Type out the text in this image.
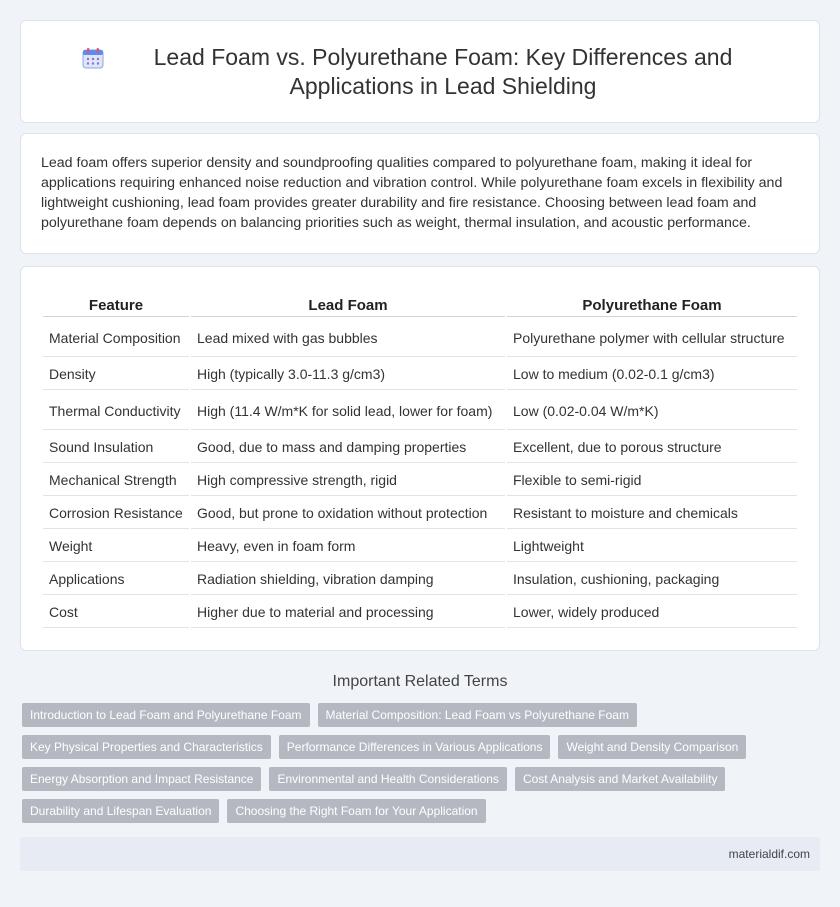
Lead Foam vs. Polyurethane Foam: Key Differences and Applications in Lead Shielding

Lead foam offers superior density and soundproofing qualities compared to polyurethane foam, making it ideal for applications requiring enhanced noise reduction and vibration control. While polyurethane foam excels in flexibility and lightweight cushioning, lead foam provides greater durability and fire resistance. Choosing between lead foam and polyurethane foam depends on balancing priorities such as weight, thermal insulation, and acoustic performance.

Feature	Lead Foam	Polyurethane Foam
Material Composition	Lead mixed with gas bubbles	Polyurethane polymer with cellular structure
Density	High (typically 3.0-11.3 g/cm3)	Low to medium (0.02-0.1 g/cm3)
Thermal Conductivity	High (11.4 W/m*K for solid lead, lower for foam)	Low (0.02-0.04 W/m*K)
Sound Insulation	Good, due to mass and damping properties	Excellent, due to porous structure
Mechanical Strength	High compressive strength, rigid	Flexible to semi-rigid
Corrosion Resistance	Good, but prone to oxidation without protection	Resistant to moisture and chemicals
Weight	Heavy, even in foam form	Lightweight
Applications	Radiation shielding, vibration damping	Insulation, cushioning, packaging
Cost	Higher due to material and processing	Lower, widely produced
Important Related Terms
Introduction to Lead Foam and Polyurethane Foam	Material Composition: Lead Foam vs Polyurethane Foam
Key Physical Properties and Characteristics	Performance Differences in Various Applications	Weight and Density Comparison
Energy Absorption and Impact Resistance	Environmental and Health Considerations	Cost Analysis and Market Availability
Durability and Lifespan Evaluation	Choosing the Right Foam for Your Application
materialdif.com
